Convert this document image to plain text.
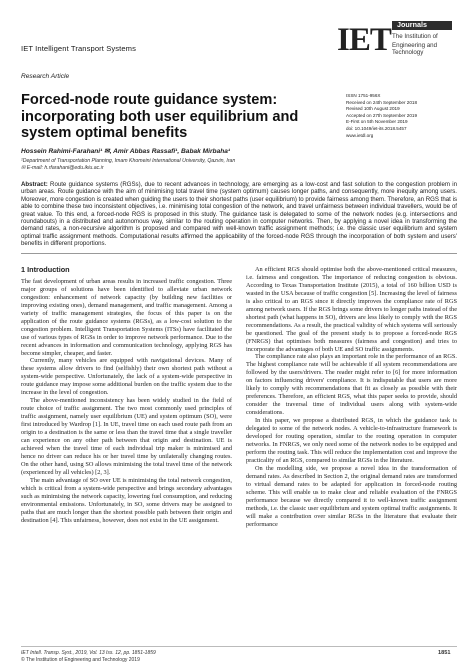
IET Intelligent Transport Systems
Research Article
IET Journals
The Institution of
Engineering and Technology
Forced-node route guidance system: incorporating both user equilibrium and system optimal benefits
ISSN 1751-956X
Received on 24th September 2018
Revised 10th August 2019
Accepted on 27th September 2019
E-First on 5th November 2019
doi: 10.1049/iet-its.2018.5457
www.ietdl.org
Hossein Rahimi-Farahani¹ ✉, Amir Abbas Rassafi¹, Babak Mirbaha¹
¹Department of Transportation Planning, Imam Khomeini International University, Qazvin, Iran
✉ E-mail: h.rfarahani@edu.ikiu.ac.ir
Abstract: Route guidance systems (RGSs), due to recent advances in technology, are emerging as a low-cost and fast solution to the congestion problem in urban areas. Route guidance with the aim of minimising total travel time (system optimum) causes longer paths, and consequently, more inequity among users. Moreover, more congestion is created when guiding the users to their shortest paths (user equilibrium) to provide fairness among them. Therefore, an RGS that is able to combine these two inconsistent objectives, i.e. minimising total congestion of the network, and travel unfairness between individual travellers, would be of great value. To this end, a forced-node RGS is proposed in this study. The guidance task is delegated to some of the network nodes (e.g. intersections and roundabouts) in a distributed and autonomous way, similar to the routing operation in computer networks. Then, by applying a novel idea in transforming the demand rates, a non-recursive algorithm is proposed and compared with well-known traffic assignment methods; i.e. the classic user equilibrium and system optimal traffic assignment methods. Computational results affirmed the applicability of the forced-node RGS through the incorporation of both system and users' benefits in different proportions.
1 Introduction

The fast development of urban areas results in increased traffic congestion. Three major groups of solutions have been identified to alleviate urban network congestion: enhancement of network capacity (by building new facilities or improving existing ones), demand management, and traffic management. Among a variety of traffic management strategies, the focus of this paper is on the application of the route guidance systems (RGSs), as a low-cost solution to the congestion problem. Intelligent Transportation Systems (ITSs) have facilitated the use of various types of RGSs in order to improve network performance. Due to the recent advances in information and communication technology, applying RGS has become simpler, cheaper, and faster.

Currently, many vehicles are equipped with navigational devices. Many of these systems allow drivers to find (selfishly) their own shortest path without a system-wide perspective. Unfortunately, the lack of a system-wide perspective in route guidance may impose some additional burden on the traffic system due to the increase in the level of congestion.

The above-mentioned inconsistency has been widely studied in the field of route choice of traffic assignment. The two most commonly used principles of traffic assignment, namely user equilibrium (UE) and system optimum (SO), were first introduced by Wardrop [1]. In UE, travel time on each used route path from an origin to a destination is the same or less than the travel time that a single traveller can experience on any other path between that origin and destination. UE is achieved when the travel time of each individual trip maker is minimised and hence no driver can reduce his or her travel time by unilaterally changing routes. On the other hand, using SO allows minimising the total travel time of the network (experienced by all vehicles) [2, 3].

The main advantage of SO over UE is minimising the total network congestion, which is critical from a system-wide perspective and brings secondary advantages such as minimising the network capacity, lowering fuel consumption, and reducing environmental emissions. Unfortunately, in SO, some drivers may be assigned to paths that are much longer than the shortest possible path between their origin and destination [4]. This unfairness, however, does not exist in the UE assignment.

An efficient RGS should optimise both the above-mentioned critical measures, i.e. fairness and congestion. The importance of reducing congestion is obvious. According to Texas Transportation Institute (2015), a total of 160 billion USD is wasted in the USA because of traffic congestion [5]. Increasing the level of fairness is also critical to an RGS since it directly improves the compliance rate of RGS among network users. If the RGS brings some drivers to longer paths instead of the shortest path (what happens in SO), drivers are less likely to comply with the RGS recommendations. As a result, the practical validity of which systems will seriously be questioned. The goal of the present study is to propose a forced-node RGS (FNRGS) that optimises both measures (fairness and congestion) and tries to incorporate the advantages of both UE and SO traffic assignments.

The compliance rate also plays an important role in the performance of an RGS. The highest compliance rate will be achievable if all system recommendations are followed by the users/drivers. The reader might refer to [6] for more information on factors influencing drivers' compliance. It is indisputable that users are more likely to comply with recommendations that fit as closely as possible with their preferences. Therefore, an efficient RGS, what this paper seeks to provide, should consider the traversal time of individual users along with system-wide considerations.

In this paper, we propose a distributed RGS, in which the guidance task is delegated to some of the network nodes. A vehicle-to-infrastructure framework is developed for routing operation, similar to the routing operation in computer networks. In FNRGS, we only need some of the network nodes to be equipped and perform the routing task. This will reduce the implementation cost and improve the practicality of an RGS, compared to similar RGSs in the literature.

On the modelling side, we propose a novel idea in the transformation of demand rates. As described in Section 2, the original demand rates are transformed to virtual demand rates to be adapted for application in forced-node routing scheme. This will enable us to make clear and reliable evaluation of the FNRGS performance because we directly compared it to well-known traffic assignment methods, i.e. the classic user equilibrium and system optimal traffic assignments. It will make a contribution over similar RGSs in the literature that evaluate their performance

IET Intell. Transp. Syst., 2019, Vol. 13 Iss. 12, pp. 1851-1859
© The Institution of Engineering and Technology 2019
1851
